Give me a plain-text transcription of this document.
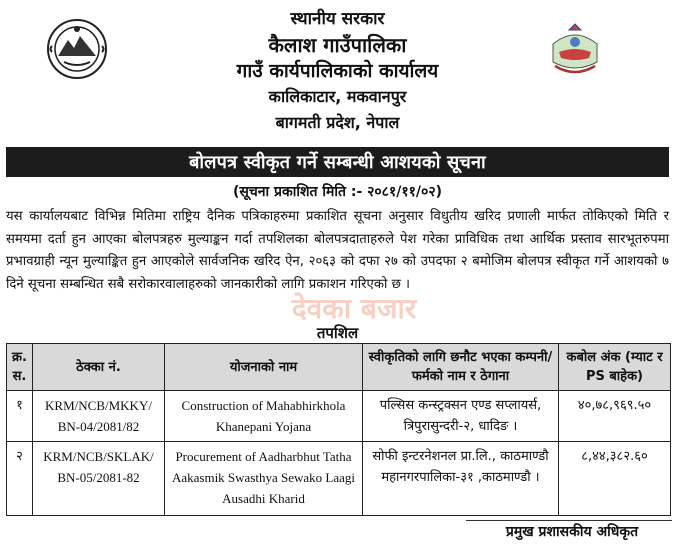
स्थानीय सरकार
कैलाश गाउँपालिका
गाउँ कार्यपालिकाको कार्यालय
कालिकाटार, मकवानपुर
बागमती प्रदेश, नेपाल
बोलपत्र स्वीकृत गर्ने सम्बन्धी आशयको सूचना
(सूचना प्रकाशित मिति :- २०८१/११/०२)
यस कार्यालयबाट विभिन्न मितिमा राष्ट्रिय दैनिक पत्रिकाहरुमा प्रकाशित सूचना अनुसार विधुतीय खरिद प्रणाली मार्फत तोकिएको मिति र समयमा दर्ता हुन आएका बोलपत्रहरु मुल्याङ्कन गर्दा तपशिलका बोलपत्रदाताहरुले पेश गरेका प्राविधिक तथा आर्थिक प्रस्ताव सारभूतरुपमा प्रभावग्राही न्यून मुल्याङ्कित हुन आएकोले सार्वजनिक खरिद ऐन, २०६३ को दफा २७ को उपदफा २ बमोजिम बोलपत्र स्वीकृत गर्ने आशयको ७ दिने सूचना सम्बन्धित सबै सरोकारवालाहरुको जानकारीको लागि प्रकाशन गरिएको छ ।
देवका बजार
तपशिल
क्र. स.	ठेक्का नं.	योजनाको नाम	स्वीकृतिको लागि छनौट भएका कम्पनी/फर्मको नाम र ठेगाना	कबोल अंक (म्याट र PS बाहेक)
१	KRM/NCB/MKKY/ BN-04/2081/82	Construction of Mahabhirkhola Khanepani Yojana	पल्सिस कन्स्ट्रक्सन एण्ड सप्लायर्स, त्रिपुरासुन्दरी-२, धादिङ ।	४०,७८,९६९.५०
२	KRM/NCB/SKLAK/ BN-05/2081-82	Procurement of Aadharbhut Tatha Aakasmik Swasthya Sewako Laagi Ausadhi Kharid	सोफी इन्टरनेशनल प्रा.लि., काठमाण्डौ महानगरपालिका-३१ ,काठमाण्डौ ।	८,४४,३८२.६०
प्रमुख प्रशासकीय अधिकृत
